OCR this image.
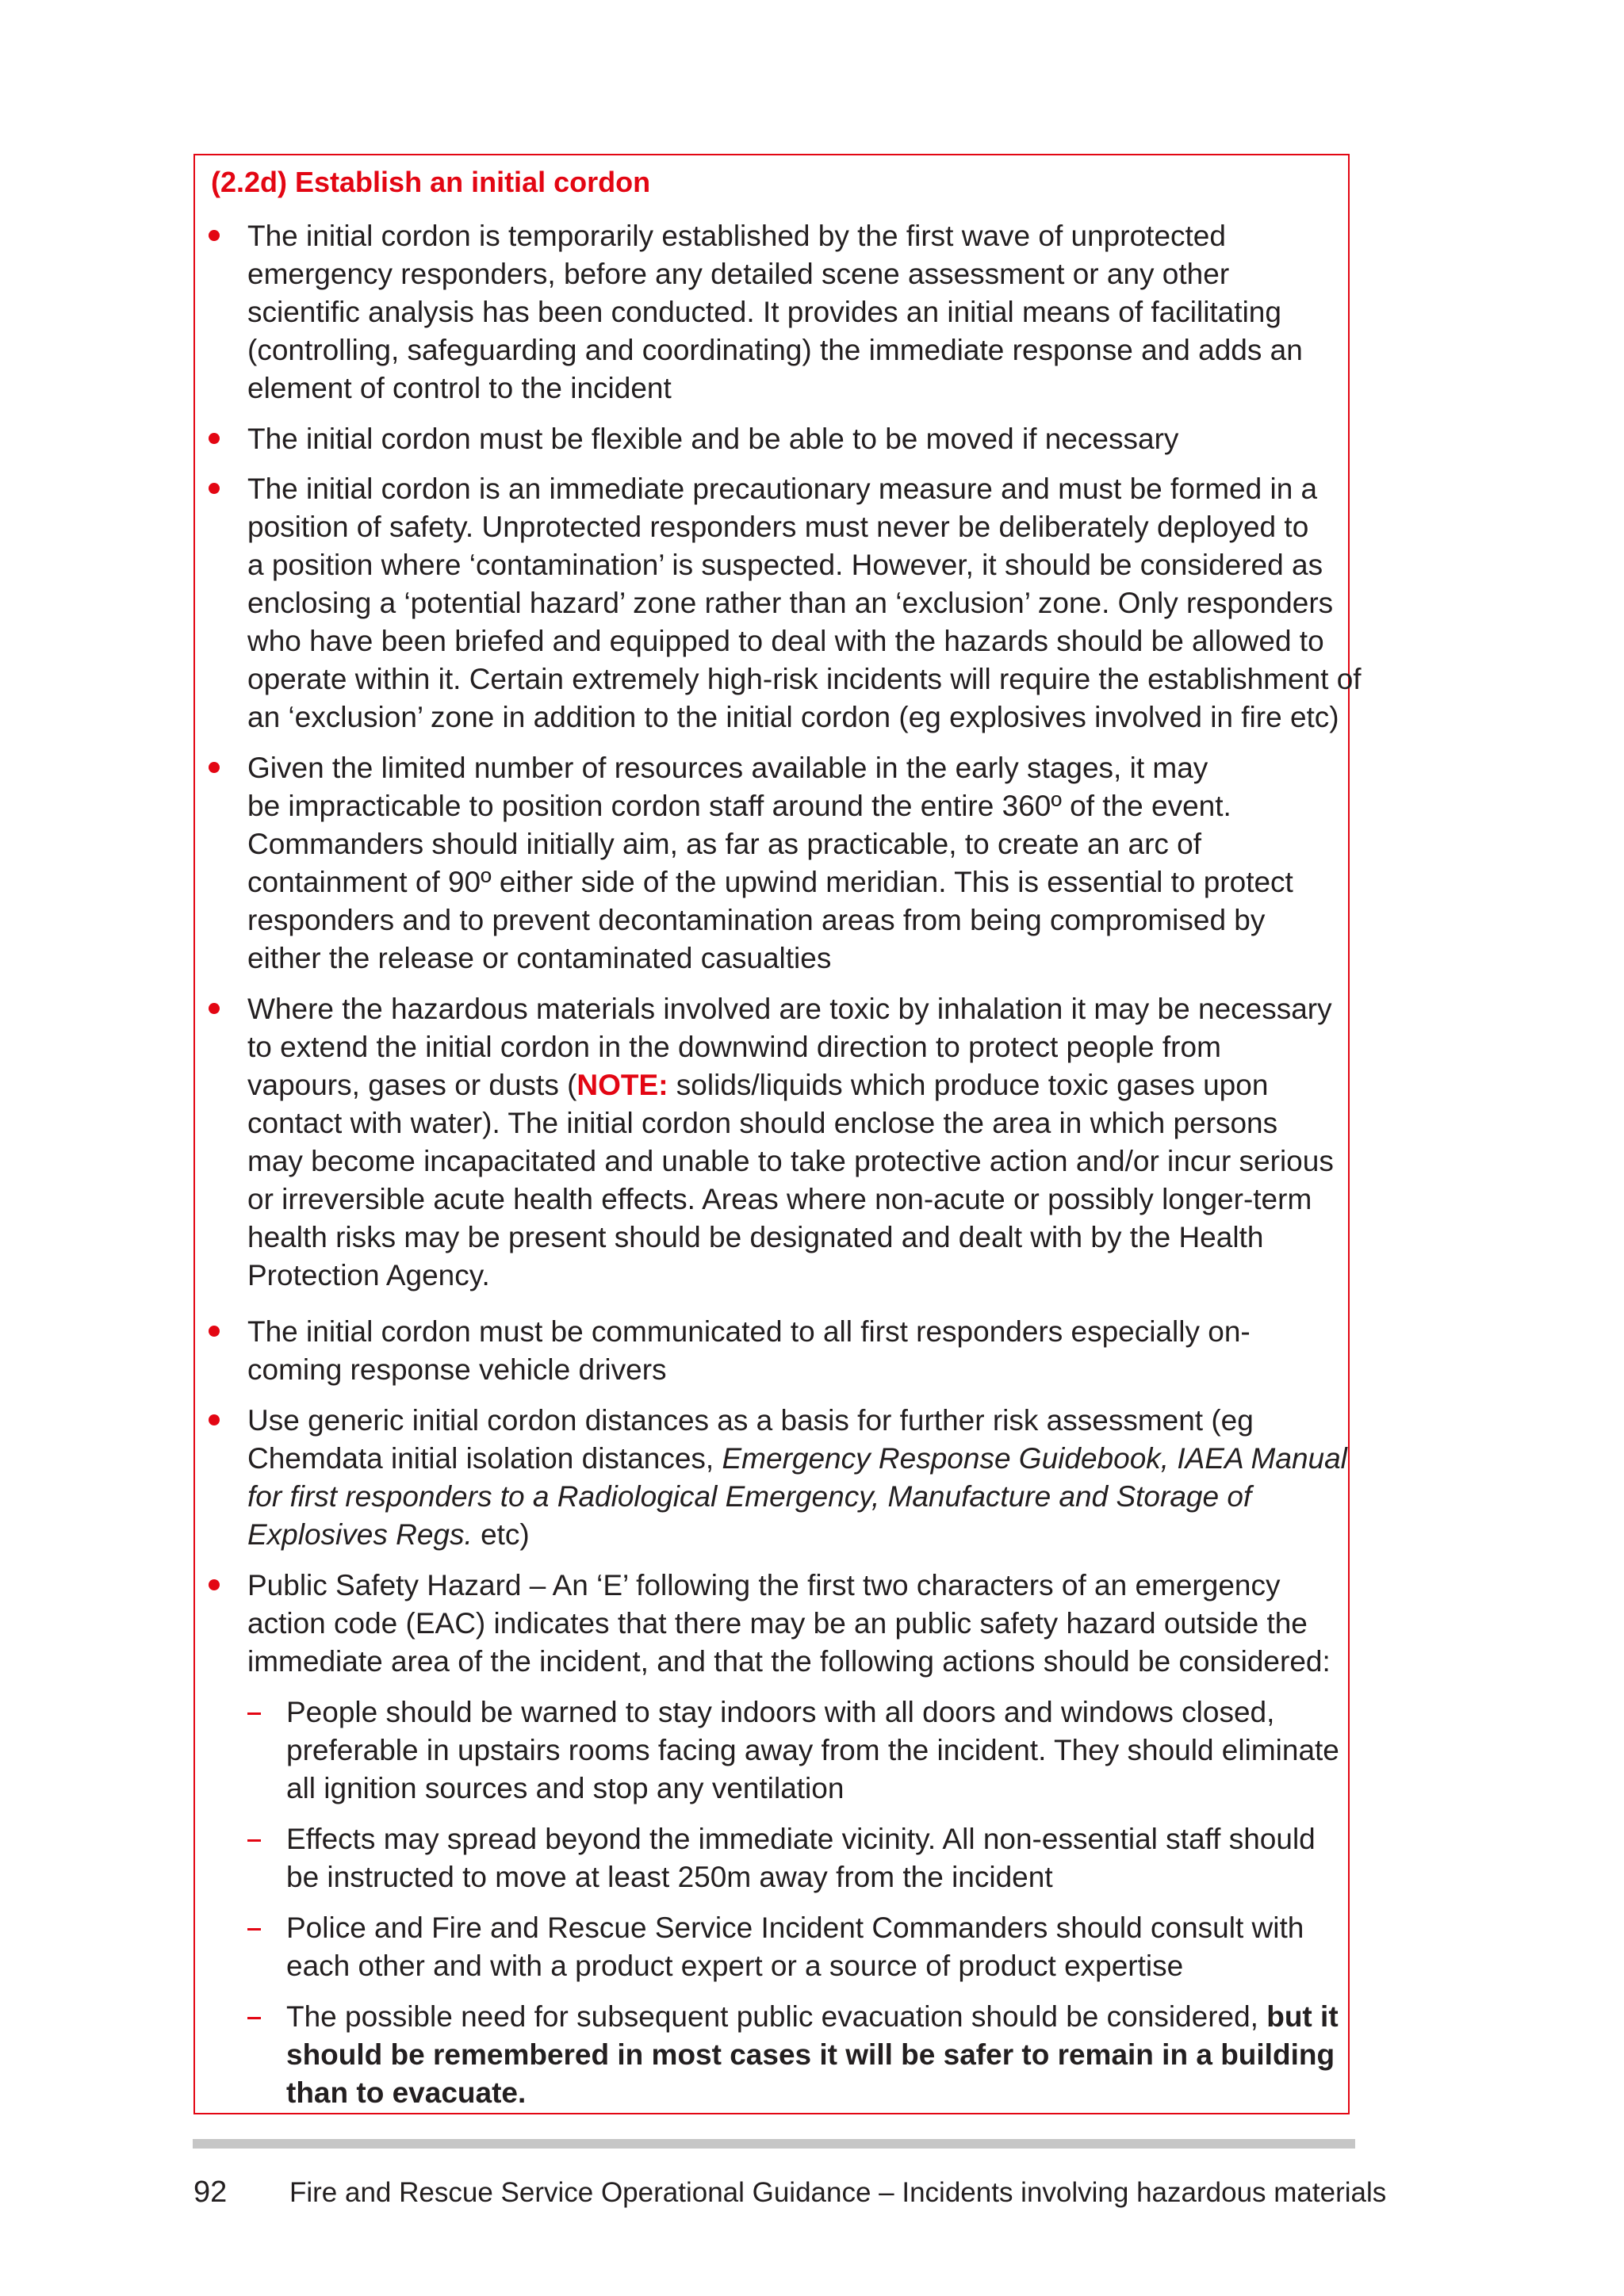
(2.2d) Establish an initial cordon
The initial cordon is temporarily established by the first wave of unprotected
emergency responders, before any detailed scene assessment or any other
scientific analysis has been conducted. It provides an initial means of facilitating
(controlling, safeguarding and coordinating) the immediate response and adds an
element of control to the incident
The initial cordon must be flexible and be able to be moved if necessary
The initial cordon is an immediate precautionary measure and must be formed in a
position of safety. Unprotected responders must never be deliberately deployed to
a position where ‘contamination’ is suspected. However, it should be considered as
enclosing a ‘potential hazard’ zone rather than an ‘exclusion’ zone. Only responders
who have been briefed and equipped to deal with the hazards should be allowed to
operate within it. Certain extremely high-risk incidents will require the establishment of
an ‘exclusion’ zone in addition to the initial cordon (eg explosives involved in fire etc)
Given the limited number of resources available in the early stages, it may
be impracticable to position cordon staff around the entire 360º of the event.
Commanders should initially aim, as far as practicable, to create an arc of
containment of 90º either side of the upwind meridian. This is essential to protect
responders and to prevent decontamination areas from being compromised by
either the release or contaminated casualties
Where the hazardous materials involved are toxic by inhalation it may be necessary
to extend the initial cordon in the downwind direction to protect people from
vapours, gases or dusts (NOTE: solids/liquids which produce toxic gases upon
contact with water). The initial cordon should enclose the area in which persons
may become incapacitated and unable to take protective action and/or incur serious
or irreversible acute health effects. Areas where non-acute or possibly longer-term
health risks may be present should be designated and dealt with by the Health
Protection Agency.
The initial cordon must be communicated to all first responders especially on-
coming response vehicle drivers
Use generic initial cordon distances as a basis for further risk assessment (eg
Chemdata initial isolation distances, Emergency Response Guidebook, IAEA Manual
for first responders to a Radiological Emergency, Manufacture and Storage of
Explosives Regs. etc)
Public Safety Hazard – An ‘E’ following the first two characters of an emergency
action code (EAC) indicates that there may be an public safety hazard outside the
immediate area of the incident, and that the following actions should be considered:
People should be warned to stay indoors with all doors and windows closed,
preferable in upstairs rooms facing away from the incident. They should eliminate
all ignition sources and stop any ventilation
Effects may spread beyond the immediate vicinity. All non-essential staff should
be instructed to move at least 250m away from the incident
Police and Fire and Rescue Service Incident Commanders should consult with
each other and with a product expert or a source of product expertise
The possible need for subsequent public evacuation should be considered, but it
should be remembered in most cases it will be safer to remain in a building
than to evacuate.
92 Fire and Rescue Service Operational Guidance – Incidents involving hazardous materials
